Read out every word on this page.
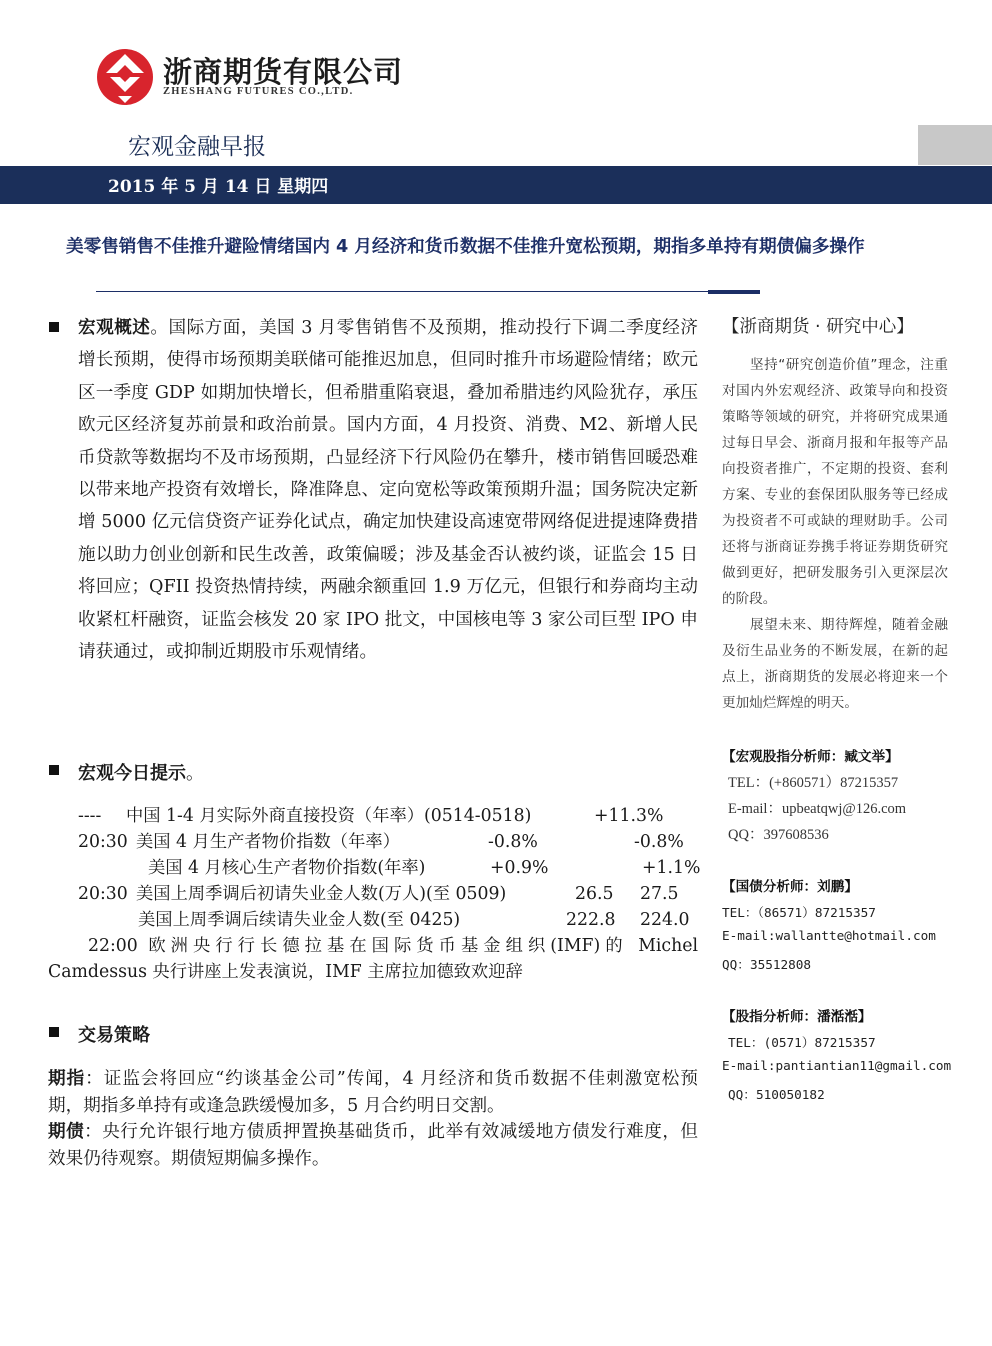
浙商期货有限公司
ZHESHANG FUTURES CO.,LTD.
宏观金融早报
2015 年 5 月 14 日 星期四
美零售销售不佳推升避险情绪国内 4 月经济和货币数据不佳推升宽松预期，期指多单持有期债偏多操作
宏观概述。国际方面，美国 3 月零售销售不及预期，推动投行下调二季度经济增长预期，使得市场预期美联储可能推迟加息，但同时推升市场避险情绪；欧元区一季度 GDP 如期加快增长，但希腊重陷衰退，叠加希腊违约风险犹存，承压欧元区经济复苏前景和政治前景。国内方面，4 月投资、消费、M2、新增人民币贷款等数据均不及市场预期，凸显经济下行风险仍在攀升，楼市销售回暖恐难以带来地产投资有效增长，降准降息、定向宽松等政策预期升温；国务院决定新增 5000 亿元信贷资产证券化试点，确定加快建设高速宽带网络促进提速降费措施以助力创业创新和民生改善，政策偏暖；涉及基金否认被约谈，证监会 15 日将回应；QFII 投资热情持续，两融余额重回 1.9 万亿元，但银行和券商均主动收紧杠杆融资，证监会核发 20 家 IPO 批文，中国核电等 3 家公司巨型 IPO 申请获通过，或抑制近期股市乐观情绪。
宏观今日提示。
---- 中国 1-4 月实际外商直接投资（年率）(0514-0518)	+11.3%
20:30 美国 4 月生产者物价指数（年率）	-0.8%	-0.8%
美国 4 月核心生产者物价指数(年率)	+0.9%	+1.1%
20:30 美国上周季调后初请失业金人数(万人)(至 0509)	26.5 27.5
美国上周季调后续请失业金人数(至 0425)	222.8 224.0
22:00 欧洲央行行长德拉基在国际货币基金组织(IMF)的 Michel
Camdessus 央行讲座上发表演说，IMF 主席拉加德致欢迎辞
交易策略
期指：证监会将回应“约谈基金公司”传闻，4 月经济和货币数据不佳刺激宽松预期，期指多单持有或逢急跌缓慢加多，5 月合约明日交割。
期债：央行允许银行地方债质押置换基础货币，此举有效减缓地方债发行难度，但效果仍待观察。期债短期偏多操作。
【浙商期货 · 研究中心】
坚持“研究创造价值”理念，注重对国内外宏观经济、政策导向和投资策略等领域的研究，并将研究成果通过每日早会、浙商月报和年报等产品向投资者推广，不定期的投资、套利方案、专业的套保团队服务等已经成为投资者不可或缺的理财助手。公司还将与浙商证券携手将证券期货研究做到更好，把研发服务引入更深层次的阶段。
展望未来、期待辉煌，随着金融及衍生品业务的不断发展，在新的起点上，浙商期货的发展必将迎来一个更加灿烂辉煌的明天。
【宏观股指分析师：臧文举】
TEL：(+860571）87215357
E-mail：upbeatqwj@126.com
QQ：397608536
【国债分析师：刘鹏】
TEL：（86571）87215357
E-mail:wallantte@hotmail.com
QQ：35512808
【股指分析师：潘湉湉】
TEL：(0571）87215357
E-mail:pantiantian11@gmail.com
QQ：510050182
